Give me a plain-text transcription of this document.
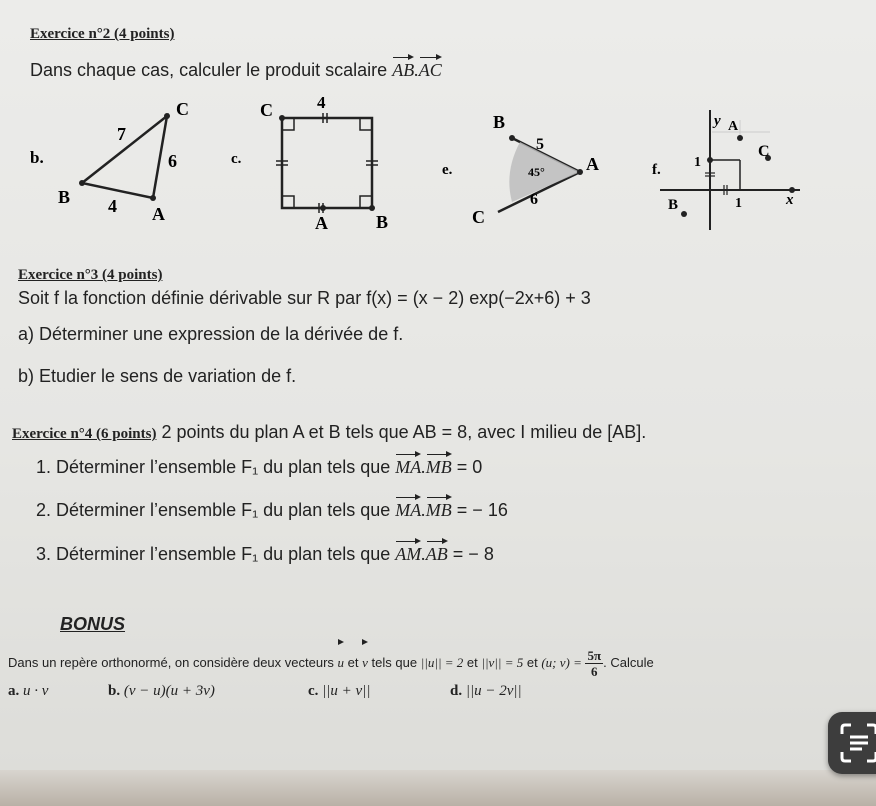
Exercice n°2 (4 points)
Dans chaque cas, calculer le produit scalaire AB.AC
b.
C
B
A
7
6
4
c.
C	4
A	B
e.
B
A
C
5
6
45°	f.
y A
C
1
B	1	x
Exercice n°3 (4 points)
Soit f la fonction définie dérivable sur R par f(x) = (x − 2) exp(−2x+6) + 3
a) Déterminer une expression de la dérivée de f.
b) Etudier le sens de variation de f.
Exercice n°4 (6 points) 2 points du plan A et B tels que AB = 8, avec I milieu de [AB].
1. Déterminer l’ensemble F₁ du plan tels que MA.MB = 0
2. Déterminer l’ensemble F₁ du plan tels que MA.MB = − 16
3. Déterminer l’ensemble F₁ du plan tels que AM.AB = − 8
BONUS
Dans un repère orthonormé, on considère deux vecteurs u et v tels que ||u|| = 2 et ||v|| = 5 et (u; $v) = \frac{5\pi}{6}$ . Calcule
a. u · v	b. (v − u)(u + 3v)	c. ||u + v||	d. ||u − 2v||
